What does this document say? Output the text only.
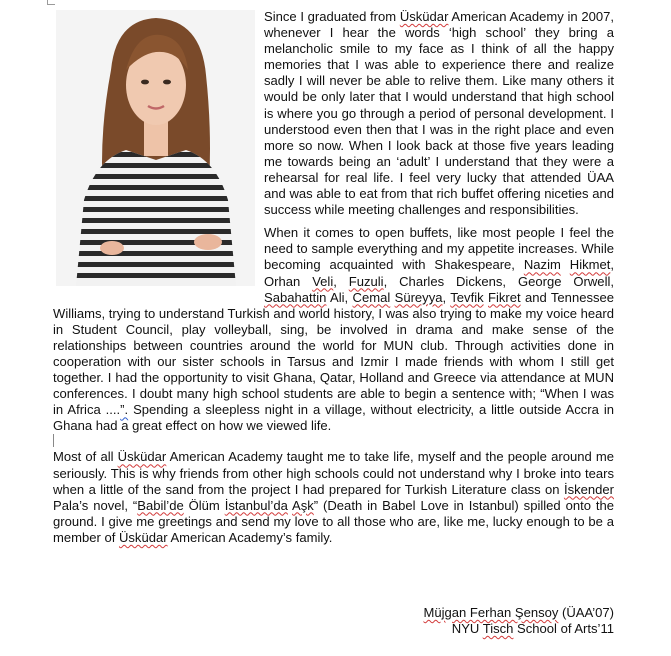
Since I graduated from Üsküdar American Academy in 2007, whenever I hear the words ‘high school’ they bring a melancholic smile to my face as I think of all the happy memories that I was able to experience there and realize sadly I will never be able to relive them. Like many others it would be only later that I would understand that high school is where you go through a period of personal development. I understood even then that I was in the right place and even more so now. When I look back at those five years leading me towards being an ‘adult’ I understand that they were a rehearsal for real life. I feel very lucky that attended ÜAA and was able to eat from that rich buffet offering niceties and success while meeting challenges and responsibilities.

When it comes to open buffets, like most people I feel the need to sample everything and my appetite increases. While becoming acquainted with Shakespeare, Nazim Hikmet, Orhan Veli, Fuzuli, Charles Dickens, George Orwell, Sabahattin Ali, Cemal Süreyya, Tevfik Fikret and Tennessee Williams, trying to understand Turkish and world history, I was also trying to make my voice heard in Student Council, play volleyball, sing, be involved in drama and make sense of the relationships between countries around the world for MUN club. Through activities done in cooperation with our sister schools in Tarsus and Izmir I made friends with whom I still get together. I had the opportunity to visit Ghana, Qatar, Holland and Greece via attendance at MUN conferences. I doubt many high school students are able to begin a sentence with; “When I was in Africa ....”. Spending a sleepless night in a village, without electricity, a little outside Accra in Ghana had a great effect on how we viewed life.

Most of all Üsküdar American Academy taught me to take life, myself and the people around me seriously. This is why friends from other high schools could not understand why I broke into tears when a little of the sand from the project I had prepared for Turkish Literature class on İskender Pala’s novel, “Babil’de Ölüm İstanbul’da Aşk” (Death in Babel Love in Istanbul) spilled onto the ground. I give me greetings and send my love to all those who are, like me, lucky enough to be a member of Üsküdar American Academy’s family.

Müjgan Ferhan Şensoy (ÜAA’07)
NYU Tisch School of Arts’11
